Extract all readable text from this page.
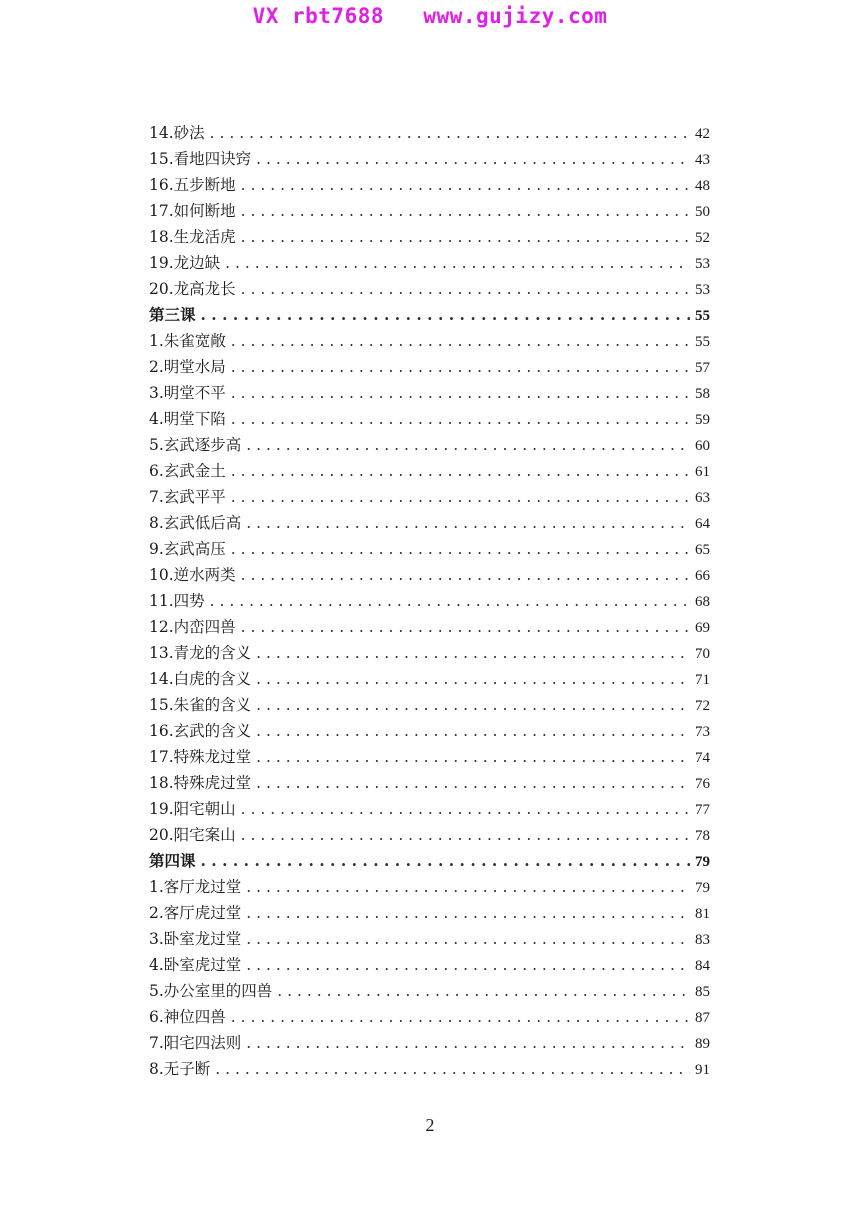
VX rbt7688   www.gujizy.com
14.砂法 . . .	42
15.看地四诀窍 . . .	43
16.五步断地 . . .	48
17.如何断地 . . .	50
18.生龙活虎 . . .	52
19.龙边缺 . . .	53
20.龙高龙长 . . .	53
第三课 . . .	55
1.朱雀宽敞 . . .	55
2.明堂水局 . . .	57
3.明堂不平 . . .	58
4.明堂下陷 . . .	59
5.玄武逐步高 . . .	60
6.玄武金土 . . .	61
7.玄武平平 . . .	63
8.玄武低后高 . . .	64
9.玄武高压 . . .	65
10.逆水两类 . . .	66
11.四势 . . .	68
12.内峦四兽 . . .	69
13.青龙的含义 . . .	70
14.白虎的含义 . . .	71
15.朱雀的含义 . . .	72
16.玄武的含义 . . .	73
17.特殊龙过堂 . . .	74
18.特殊虎过堂 . . .	76
19.阳宅朝山 . . .	77
20.阳宅案山 . . .	78
第四课 . . .	79
1.客厅龙过堂 . . .	79
2.客厅虎过堂 . . .	81
3.卧室龙过堂 . . .	83
4.卧室虎过堂 . . .	84
5.办公室里的四兽 . . .	85
6.神位四兽 . . .	87
7.阳宅四法则 . . .	89
8.无子断 . . .	91
2
